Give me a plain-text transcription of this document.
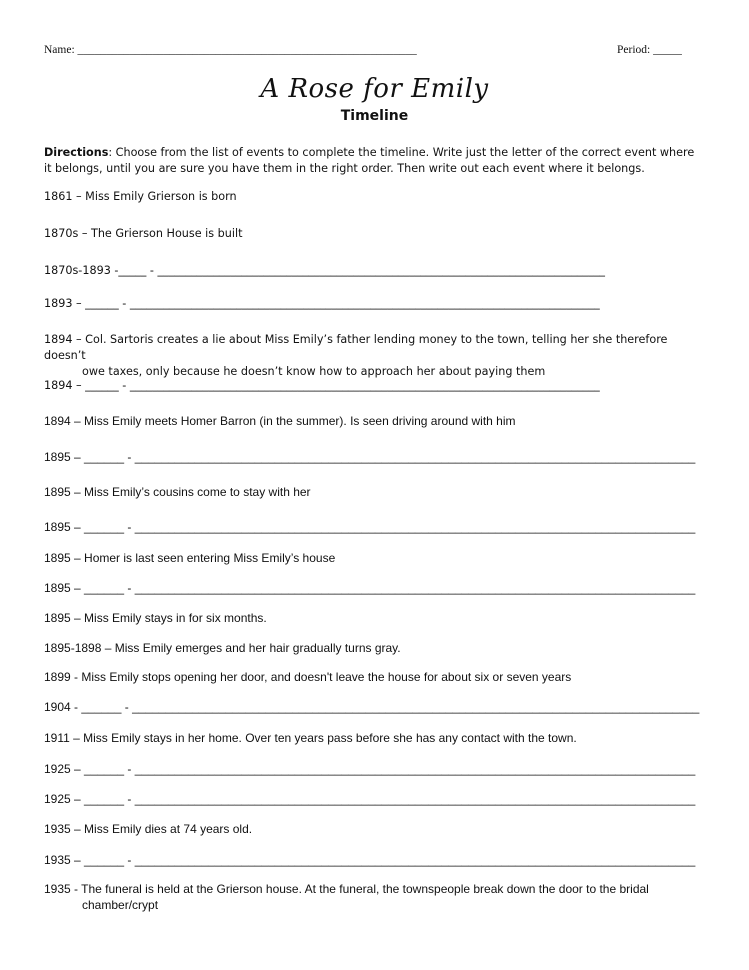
Name: ___________________________________________________________	Period: _____
A Rose for Emily
Timeline
Directions: Choose from the list of events to complete the timeline. Write just the letter of the correct event where it belongs, until you are sure you have them in the right order. Then write out each event where it belongs.
1861 – Miss Emily Grierson is born
1870s – The Grierson House is built
1870s-1893 -_____ - ________________________________________________________________________________
1893 – ______ - ____________________________________________________________________________________
1894 – Col. Sartoris creates a lie about Miss Emily’s father lending money to the town, telling her she therefore doesn’t
owe taxes, only because he doesn’t know how to approach her about paying them
1894 – ______ - ____________________________________________________________________________________
1894 – Miss Emily meets Homer Barron (in the summer). Is seen driving around with him
1895 – ______ - ____________________________________________________________________________________
1895 – Miss Emily’s cousins come to stay with her
1895 – ______ - ____________________________________________________________________________________
1895 – Homer is last seen entering Miss Emily’s house
1895 – ______ - ____________________________________________________________________________________
1895 – Miss Emily stays in for six months.
1895-1898 – Miss Emily emerges and her hair gradually turns gray.
1899 - Miss Emily stops opening her door, and doesn't leave the house for about six or seven years
1904 - ______ - _____________________________________________________________________________________
1911 – Miss Emily stays in her home. Over ten years pass before she has any contact with the town.
1925 – ______ - ____________________________________________________________________________________
1925 – ______ - ____________________________________________________________________________________
1935 – Miss Emily dies at 74 years old.
1935 – ______ - ____________________________________________________________________________________
1935 - The funeral is held at the Grierson house. At the funeral, the townspeople break down the door to the bridal
chamber/crypt
